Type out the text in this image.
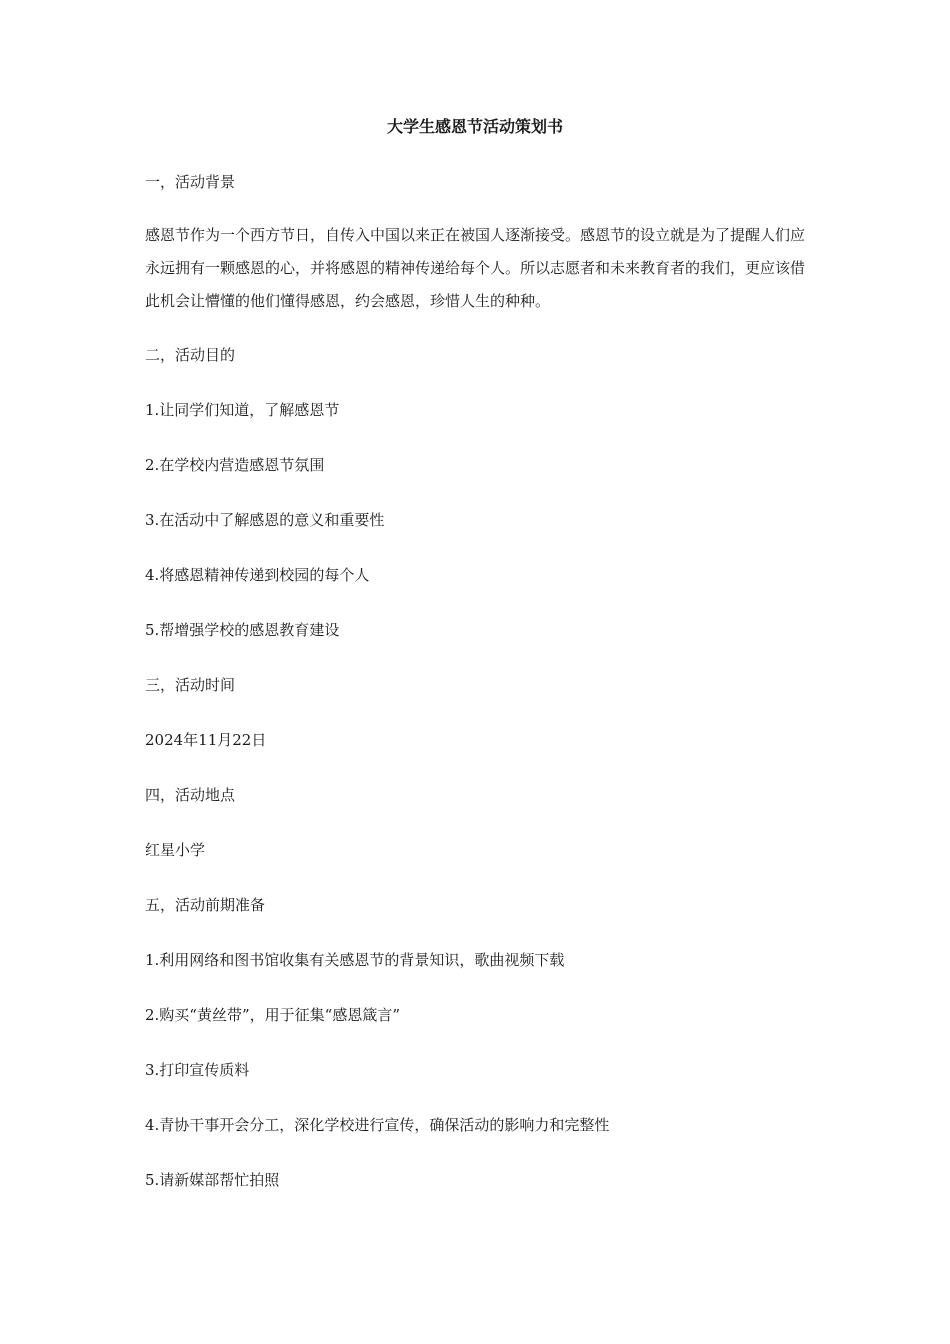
大学生感恩节活动策划书
一，活动背景
感恩节作为一个西方节日，自传入中国以来正在被国人逐渐接受。感恩节的设立就是为了提醒人们应永远拥有一颗感恩的心，并将感恩的精神传递给每个人。所以志愿者和未来教育者的我们，更应该借此机会让懵懂的他们懂得感恩，约会感恩，珍惜人生的种种。
二，活动目的
1.让同学们知道，了解感恩节
2.在学校内营造感恩节氛围
3.在活动中了解感恩的意义和重要性
4.将感恩精神传递到校园的每个人
5.帮增强学校的感恩教育建设
三，活动时间
2024年11月22日
四，活动地点
红星小学
五，活动前期准备
1.利用网络和图书馆收集有关感恩节的背景知识，歌曲视频下载
2.购买“黄丝带”，用于征集“感恩箴言”
3.打印宣传质料
4.青协干事开会分工，深化学校进行宣传，确保活动的影响力和完整性
5.请新媒部帮忙拍照
